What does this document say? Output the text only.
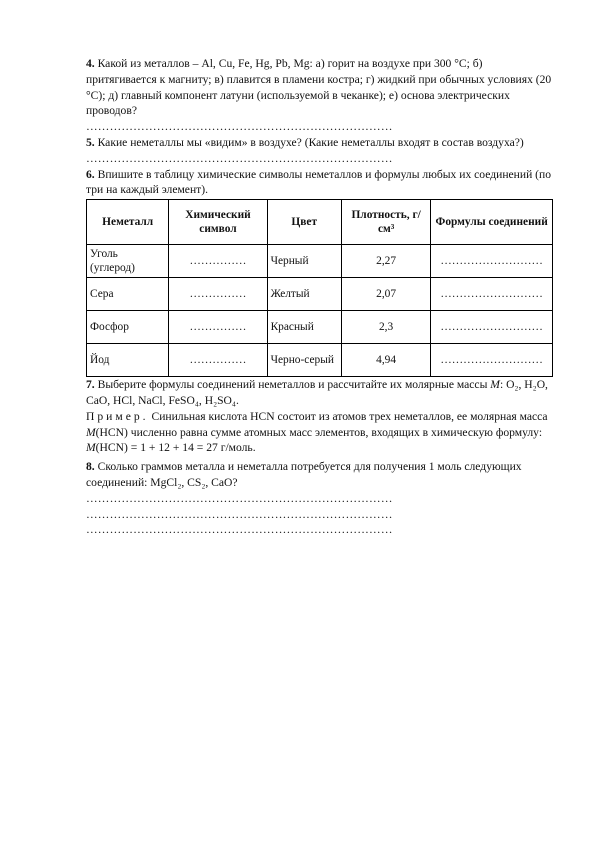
4. Какой из металлов – Al, Cu, Fe, Hg, Pb, Mg: а) горит на воздухе при 300 °С; б) притягивается к магниту; в) плавится в пламени костра; г) жидкий при обычных условиях (20 °С); д) главный компонент латуни (используемой в чеканке); е) основа электрических проводов?

……………………………………………………………………

5. Какие неметаллы мы «видим» в воздухе? (Какие неметаллы входят в состав воздуха?)

……………………………………………………………………

6. Впишите в таблицу химические символы неметаллов и формулы любых их соединений (по три на каждый элемент).

Неметалл	Химический символ	Цвет	Плотность, г/см³	Формулы соединений
Уголь (углерод)	……………	Черный	2,27	………………………
Сера	……………	Желтый	2,07	………………………
Фосфор	……………	Красный	2,3	………………………
Йод	……………	Черно-серый	4,94	………………………

7. Выберите формулы соединений неметаллов и рассчитайте их молярные массы M: O₂, H₂O, CaO, HCl, NaCl, FeSO₄, H₂SO₄.

Пример. Синильная кислота HCN состоит из атомов трех неметаллов, ее молярная масса M(HCN) численно равна сумме атомных масс элементов, входящих в химическую формулу:

M(HCN) = 1 + 12 + 14 = 27 г/моль.

8. Сколько граммов металла и неметалла потребуется для получения 1 моль следующих соединений: MgCl₂, CS₂, CaO?

……………………………………………………………………

……………………………………………………………………

……………………………………………………………………
